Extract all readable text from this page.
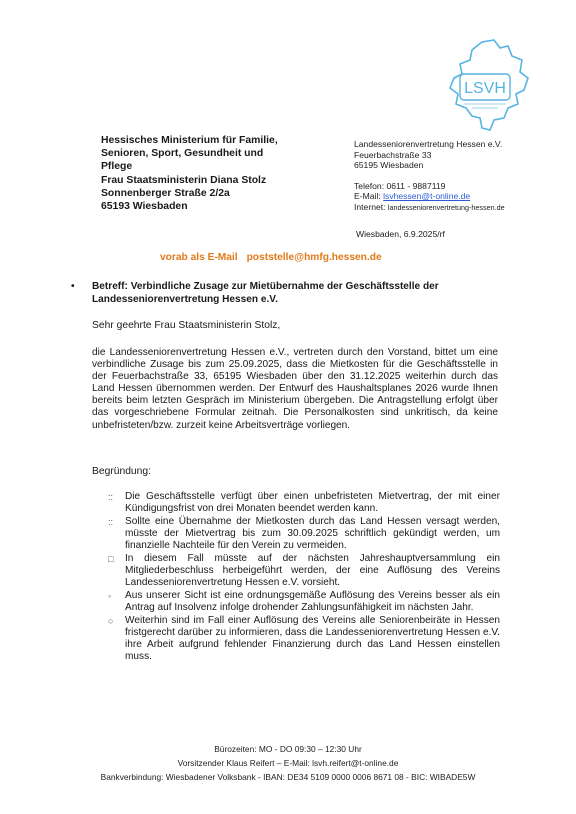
LSVH
Hessisches Ministerium für Familie,
Senioren, Sport, Gesundheit und
Pflege
Frau Staatsministerin Diana Stolz
Sonnenberger Straße 2/2a
65193 Wiesbaden
Landesseniorenvertretung Hessen e.V.
Feuerbachstraße 33
65195 Wiesbaden
Telefon: 0611 - 9887119
E-Mail: lsvhessen@t-online.de
Internet: landesseniorenvertretung-hessen.de
Wiesbaden, 6.9.2025/rf
vorab als E-Mail poststelle@hmfg.hessen.de
• Betreff: Verbindliche Zusage zur Mietübernahme der Geschäftsstelle der Landesseniorenvertretung Hessen e.V.
Sehr geehrte Frau Staatsministerin Stolz,
die Landesseniorenvertretung Hessen e.V., vertreten durch den Vorstand, bittet um eine verbindliche Zusage bis zum 25.09.2025, dass die Mietkosten für die Geschäftsstelle in der Feuerbachstraße 33, 65195 Wiesbaden über den 31.12.2025 weiterhin durch das Land Hessen übernommen werden. Der Entwurf des Haushaltsplanes 2026 wurde Ihnen bereits beim letzten Gespräch im Ministerium übergeben. Die Antragstellung erfolgt über das vorgeschriebene Formular zeitnah. Die Personalkosten sind unkritisch, da keine unbefristeten/bzw. zurzeit keine Arbeitsverträge vorliegen.
Begründung:
:: Die Geschäftsstelle verfügt über einen unbefristeten Mietvertrag, der mit einer Kündigungsfrist von drei Monaten beendet werden kann.
:: Sollte eine Übernahme der Mietkosten durch das Land Hessen versagt werden, müsste der Mietvertrag bis zum 30.09.2025 schriftlich gekündigt werden, um finanzielle Nachteile für den Verein zu vermeiden.
□ In diesem Fall müsste auf der nächsten Jahreshauptversammlung ein Mitgliederbeschluss herbeigeführt werden, der eine Auflösung des Vereins Landesseniorenvertretung Hessen e.V. vorsieht.
◦ Aus unserer Sicht ist eine ordnungsgemäße Auflösung des Vereins besser als ein Antrag auf Insolvenz infolge drohender Zahlungsunfähigkeit im nächsten Jahr.
○ Weiterhin sind im Fall einer Auflösung des Vereins alle Seniorenbeiräte in Hessen fristgerecht darüber zu informieren, dass die Landesseniorenvertretung Hessen e.V. ihre Arbeit aufgrund fehlender Finanzierung durch das Land Hessen einstellen muss.
Bürozeiten: MO - DO 09:30 – 12:30 Uhr
Vorsitzender Klaus Reifert – E-Mail: lsvh.reifert@t-online.de
Bankverbindung: Wiesbadener Volksbank - IBAN: DE34 5109 0000 0006 8671 08 - BIC: WIBADE5W
